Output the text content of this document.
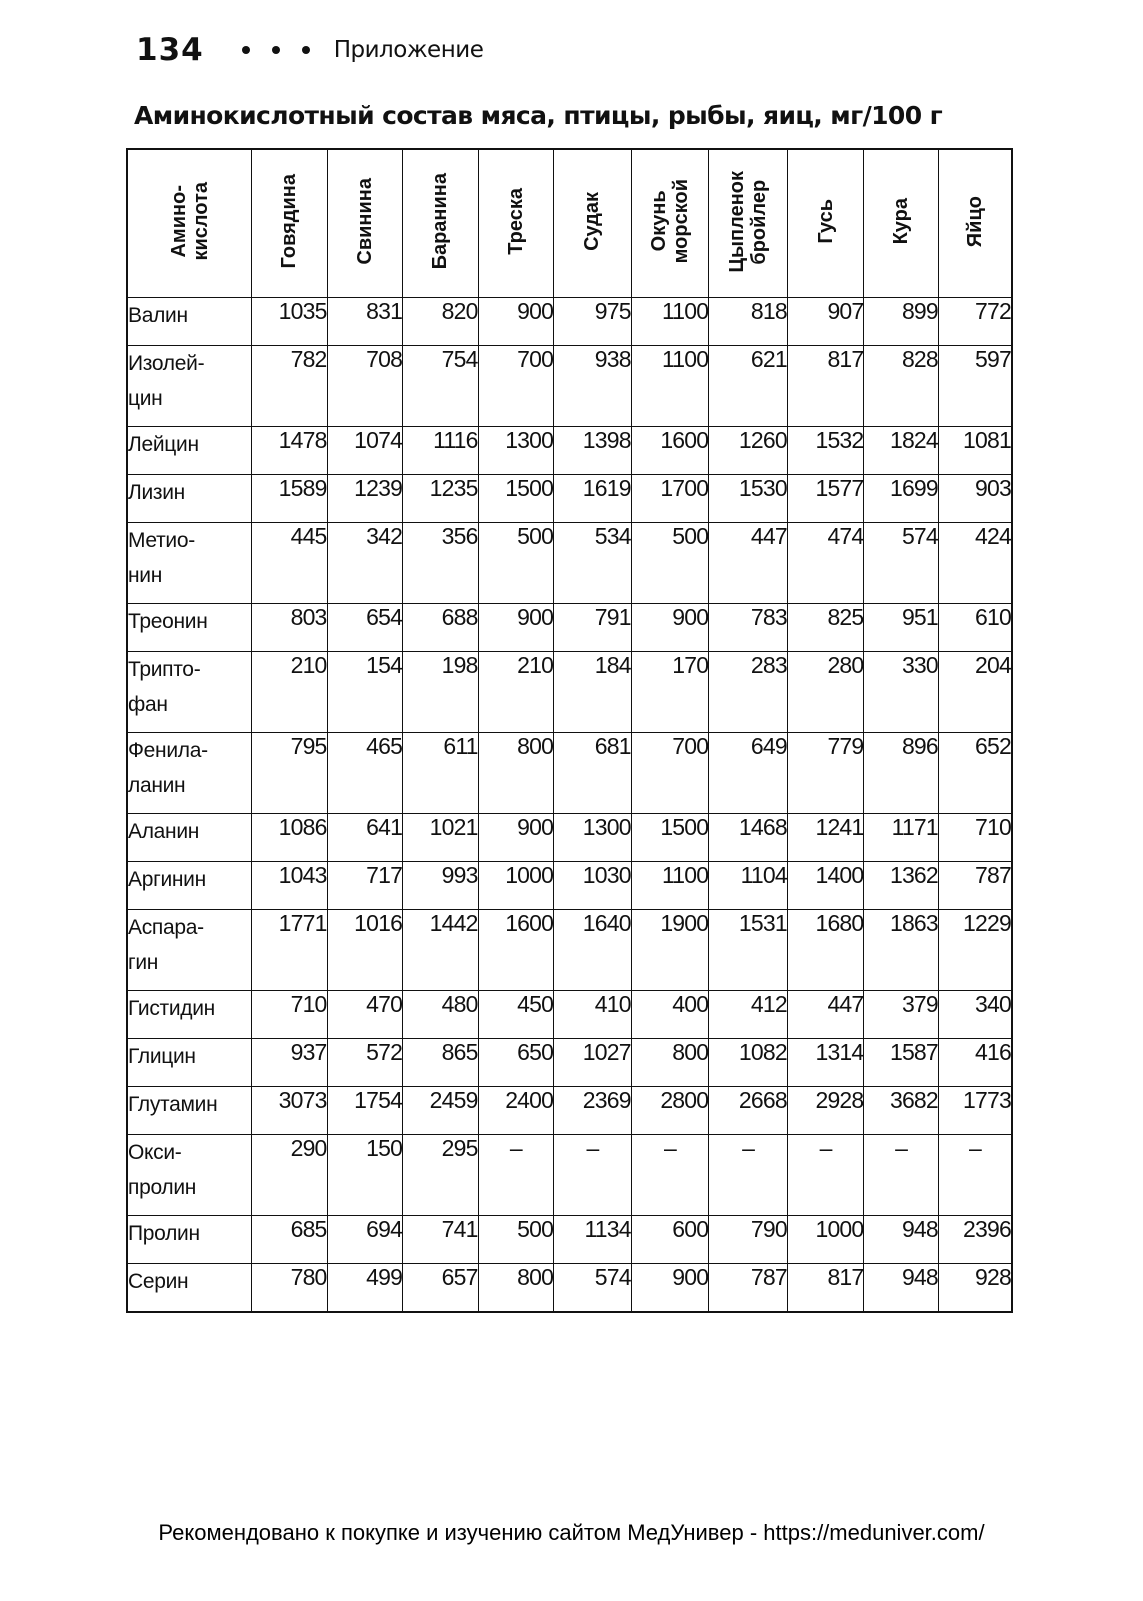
134	Приложение
Аминокислотный состав мяса, птицы, рыбы, яиц, мг/100 г
Амино-
кислота	Говядина	Свинина	Баранина	Треска	Судак	Окунь
морской	Цыпленок
бройлер	Гусь	Кура	Яйцо
Валин	1035	831	820	900	975	1100	818	907	899	772
Изолей-
цин	782	708	754	700	938	1100	621	817	828	597
Лейцин	1478	1074	1116	1300	1398	1600	1260	1532	1824	1081
Лизин	1589	1239	1235	1500	1619	1700	1530	1577	1699	903
Метио-
нин	445	342	356	500	534	500	447	474	574	424
Треонин	803	654	688	900	791	900	783	825	951	610
Трипто-
фан	210	154	198	210	184	170	283	280	330	204
Фенила-
ланин	795	465	611	800	681	700	649	779	896	652
Аланин	1086	641	1021	900	1300	1500	1468	1241	1171	710
Аргинин	1043	717	993	1000	1030	1100	1104	1400	1362	787
Аспара-
гин	1771	1016	1442	1600	1640	1900	1531	1680	1863	1229
Гистидин	710	470	480	450	410	400	412	447	379	340
Глицин	937	572	865	650	1027	800	1082	1314	1587	416
Глутамин	3073	1754	2459	2400	2369	2800	2668	2928	3682	1773
Окси-
пролин	290	150	295	–	–	–	–	–	–	–
Пролин	685	694	741	500	1134	600	790	1000	948	2396
Серин	780	499	657	800	574	900	787	817	948	928
Рекомендовано к покупке и изучению сайтом МедУнивер - https://meduniver.com/
